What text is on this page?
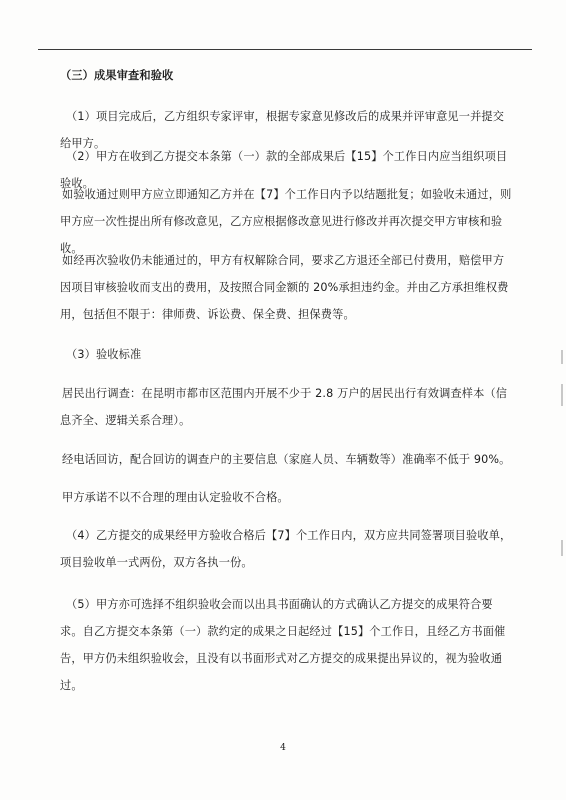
（三）成果审查和验收
（1）项目完成后，乙方组织专家评审，根据专家意见修改后的成果并评审意见一并提交给甲方。
（2）甲方在收到乙方提交本条第（一）款的全部成果后【15】个工作日内应当组织项目验收。
如验收通过则甲方应立即通知乙方并在【7】个工作日内予以结题批复；如验收未通过，则甲方应一次性提出所有修改意见，乙方应根据修改意见进行修改并再次提交甲方审核和验收。
如经再次验收仍未能通过的，甲方有权解除合同，要求乙方退还全部已付费用，赔偿甲方因项目审核验收而支出的费用，及按照合同金额的 20%承担违约金。并由乙方承担维权费用，包括但不限于：律师费、诉讼费、保全费、担保费等。
（3）验收标准
居民出行调查：在昆明市都市区范围内开展不少于 2.8 万户的居民出行有效调查样本（信息齐全、逻辑关系合理）。
经电话回访，配合回访的调查户的主要信息（家庭人员、车辆数等）准确率不低于 90%。
甲方承诺不以不合理的理由认定验收不合格。
（4）乙方提交的成果经甲方验收合格后【7】个工作日内，双方应共同签署项目验收单，项目验收单一式两份，双方各执一份。
（5）甲方亦可选择不组织验收会而以出具书面确认的方式确认乙方提交的成果符合要求。自乙方提交本条第（一）款约定的成果之日起经过【15】个工作日，且经乙方书面催告，甲方仍未组织验收会，且没有以书面形式对乙方提交的成果提出异议的，视为验收通过。
4
